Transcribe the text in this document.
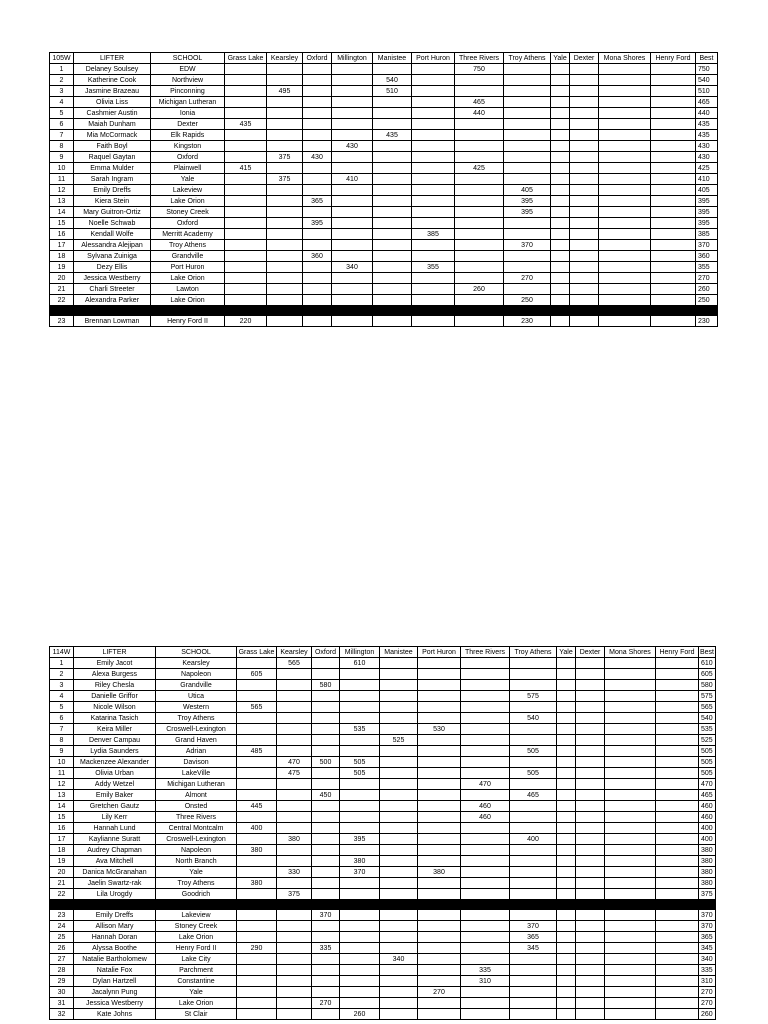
105W	LIFTER	SCHOOL	Grass Lake	Kearsley	Oxford	Millington	Manistee	Port Huron	Three Rivers	Troy Athens	Yale	Dexter	Mona Shores	Henry Ford	Best
1	Delaney Soulsey	EDW							750						750
2	Katherine Cook	Northview					540								540
3	Jasmine Brazeau	Pinconning		495			510								510
4	Olivia Liss	Michigan Lutheran							465						465
5	Cashmier Austin	Ionia							440						440
6	Maiah Dunham	Dexter	435												435
7	Mia McCormack	Elk Rapids					435								435
8	Faith Boyl	Kingston				430									430
9	Raquel Gaytan	Oxford		375	430										430
10	Emma Mulder	Plainwell	415						425						425
11	Sarah Ingram	Yale		375		410									410
12	Emily Dreffs	Lakeview								405					405
13	Kiera Stein	Lake Orion			365					395					395
14	Mary Guitron-Ortiz	Stoney Creek								395					395
15	Noelle Schwab	Oxford			395										395
16	Kendall Wolfe	Merritt Academy						385							385
17	Alessandra Alejipan	Troy Athens								370					370
18	Sylvana Zuiniga	Grandville			360										360
19	Dezy Ellis	Port Huron				340		355							355
20	Jessica Westberry	Lake Orion								270					270
21	Charli Streeter	Lawton							260						260
22	Alexandra Parker	Lake Orion								250					250

23	Brennan Lowman	Henry Ford II	220							230					230
114W	LIFTER	SCHOOL	Grass Lake	Kearsley	Oxford	Millington	Manistee	Port Huron	Three Rivers	Troy Athens	Yale	Dexter	Mona Shores	Henry Ford	Best
1	Emily Jacot	Kearsley		565		610									610
2	Alexa Burgess	Napoleon	605												605
3	Riley Chesla	Grandville			580										580
4	Danielle Griffor	Utica								575					575
5	Nicole Wilson	Western	565												565
6	Katarina Tasich	Troy Athens								540					540
7	Keira Miller	Croswell-Lexington				535		530							535
8	Denver Campau	Grand Haven					525								525
9	Lydia Saunders	Adrian	485							505					505
10	Mackenzee Alexander	Davison		470	500	505									505
11	Olivia Urban	LakeVille		475		505				505					505
12	Addy Wetzel	Michigan Lutheran							470						470
13	Emily Baker	Almont			450					465					465
14	Gretchen Gautz	Onsted	445						460						460
15	Lily Kerr	Three Rivers							460						460
16	Hannah Lund	Central Montcalm	400												400
17	Kaylianne Suratt	Croswell-Lexington		380		395				400					400
18	Audrey Chapman	Napoleon	380												380
19	Ava Mitchell	North Branch				380									380
20	Danica McGranahan	Yale		330		370		380							380
21	Jaelin Swartz-rak	Troy Athens	380												380
22	Lila Urogdy	Goodrich		375											375

23	Emily Dreffs	Lakeview			370										370
24	Allison Mary	Stoney Creek								370					370
25	Hannah Doran	Lake Orion								365					365
26	Alyssa Boothe	Henry Ford II	290		335					345					345
27	Natalie Bartholomew	Lake City					340								340
28	Natalie Fox	Parchment							335						335
29	Dylan Hartzell	Constantine							310						310
30	Jacalynn Pung	Yale						270							270
31	Jessica Westberry	Lake Orion			270										270
32	Kate Johns	St Clair				260									260
